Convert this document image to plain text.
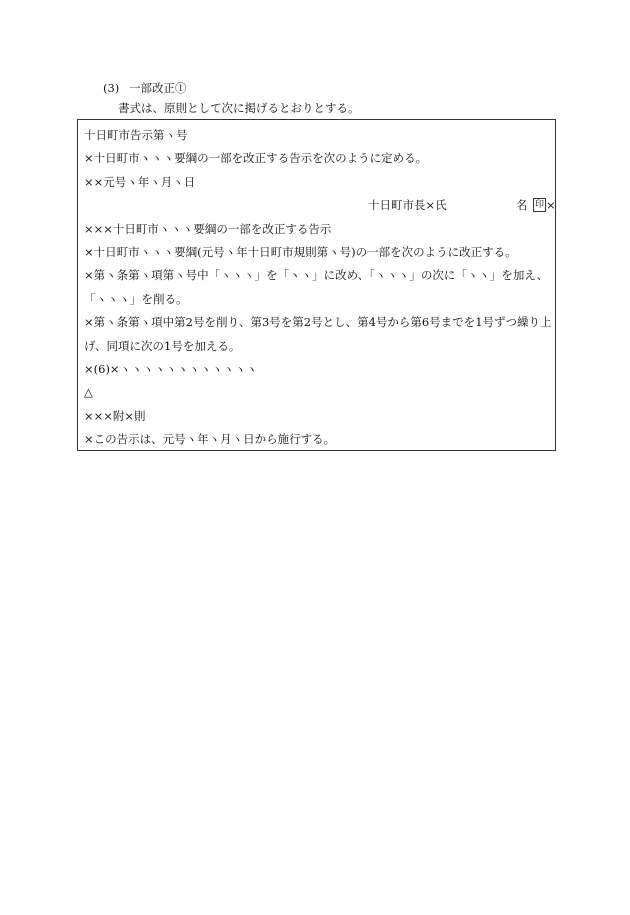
(3) 一部改正①
書式は、原則として次に掲げるとおりとする。
十日町市告示第ヽ号
×十日町市ヽヽヽ要綱の一部を改正する告示を次のように定める。
××元号ヽ年ヽ月ヽ日
十日町市長×氏	名 印 ×
×××十日町市ヽヽヽ要綱の一部を改正する告示
×十日町市ヽヽヽ要綱(元号ヽ年十日町市規則第ヽ号)の一部を次のように改正する。
×第ヽ条第ヽ項第ヽ号中「ヽヽヽ」を「ヽヽ」に改め、「ヽヽヽ」の次に「ヽヽ」を加え、
「ヽヽヽ」を削る。
×第ヽ条第ヽ項中第2号を削り、第3号を第2号とし、第4号から第6号までを1号ずつ繰り上
げ、同項に次の1号を加える。
×(6)×ヽヽヽヽヽヽヽヽヽヽヽヽ
△
×××附×則
×この告示は、元号ヽ年ヽ月ヽ日から施行する。
